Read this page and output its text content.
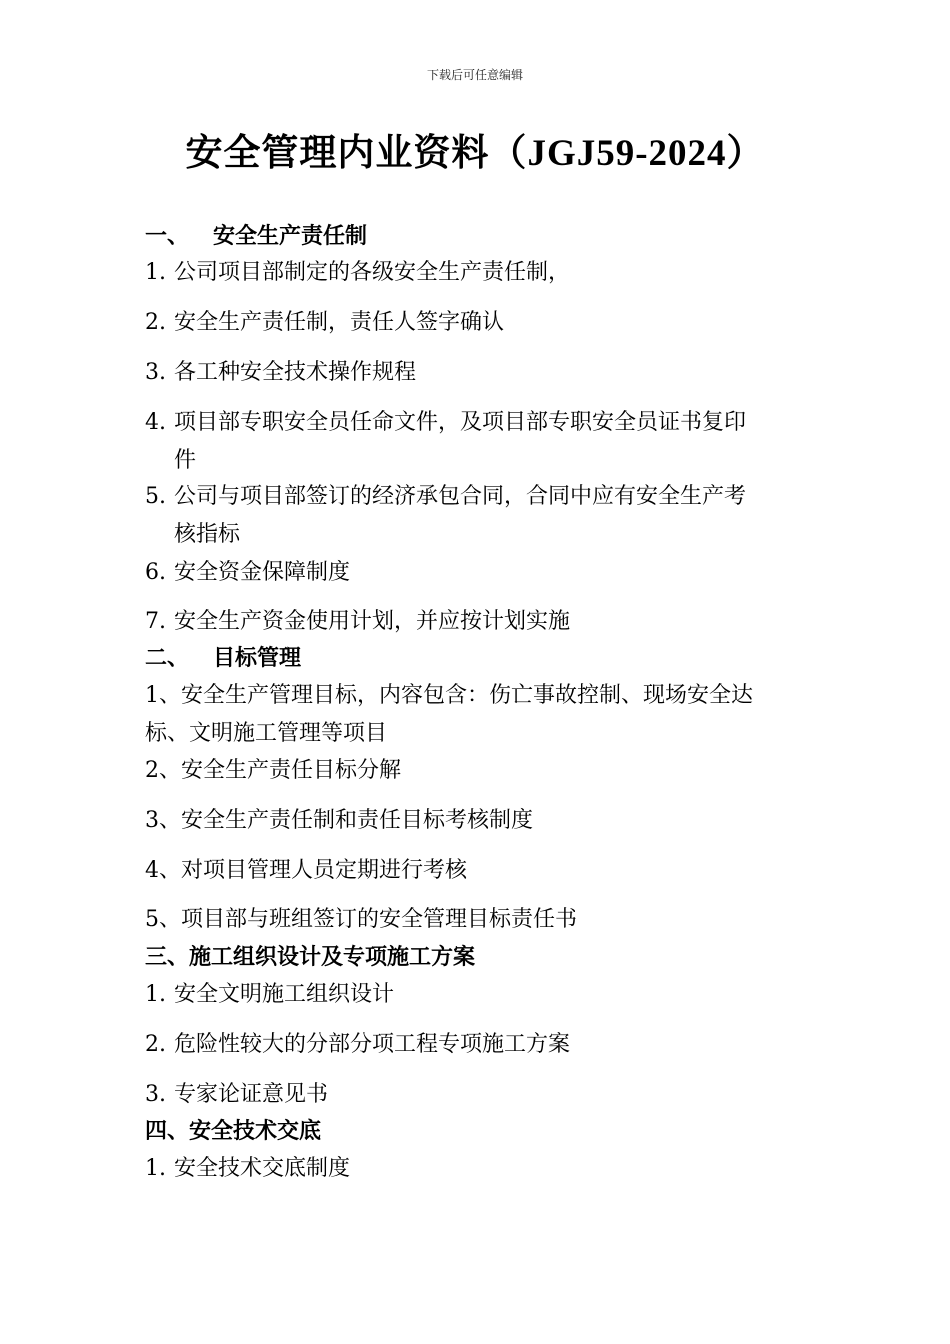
下载后可任意编辑
安全管理内业资料（JGJ59-2024）
一、 安全生产责任制
1. 公司项目部制定的各级安全生产责任制，
2. 安全生产责任制，责任人签字确认
3. 各工种安全技术操作规程
4. 项目部专职安全员任命文件，及项目部专职安全员证书复印
件
5. 公司与项目部签订的经济承包合同，合同中应有安全生产考
核指标
6. 安全资金保障制度
7. 安全生产资金使用计划，并应按计划实施
二、 目标管理
1、安全生产管理目标，内容包含：伤亡事故控制、现场安全达
标、文明施工管理等项目
2、安全生产责任目标分解
3、安全生产责任制和责任目标考核制度
4、对项目管理人员定期进行考核
5、项目部与班组签订的安全管理目标责任书
三、施工组织设计及专项施工方案
1. 安全文明施工组织设计
2. 危险性较大的分部分项工程专项施工方案
3. 专家论证意见书
四、安全技术交底
1. 安全技术交底制度
